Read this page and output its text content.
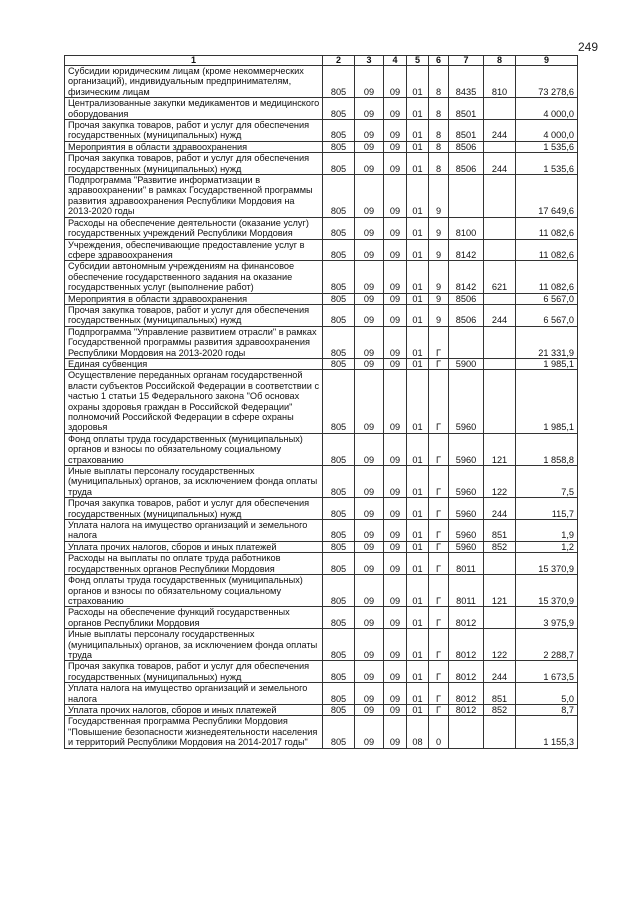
249
1	2	3	4	5	6	7	8	9
Субсидии юридическим лицам (кроме некоммерческих организаций), индивидуальным предпринимателям, физическим лицам	805	09	09	01	8	8435	810	73 278,6
Централизованные закупки медикаментов и медицинского оборудования	805	09	09	01	8	8501		4 000,0
Прочая закупка товаров, работ и услуг для обеспечения государственных (муниципальных) нужд	805	09	09	01	8	8501	244	4 000,0
Мероприятия в области здравоохранения	805	09	09	01	8	8506		1 535,6
Прочая закупка товаров, работ и услуг для обеспечения государственных (муниципальных) нужд	805	09	09	01	8	8506	244	1 535,6
Подпрограмма "Развитие информатизации в здравоохранении" в рамках Государственной программы развития здравоохранения Республики Мордовия на 2013-2020 годы	805	09	09	01	9			17 649,6
Расходы на обеспечение деятельности (оказание услуг) государственных учреждений Республики Мордовия	805	09	09	01	9	8100		11 082,6
Учреждения, обеспечивающие предоставление услуг в сфере здравоохранения	805	09	09	01	9	8142		11 082,6
Субсидии автономным учреждениям на финансовое обеспечение государственного задания на оказание государственных услуг (выполнение работ)	805	09	09	01	9	8142	621	11 082,6
Мероприятия в области здравоохранения	805	09	09	01	9	8506		6 567,0
Прочая закупка товаров, работ и услуг для обеспечения государственных (муниципальных) нужд	805	09	09	01	9	8506	244	6 567,0
Подпрограмма "Управление развитием отрасли" в рамках Государственной программы развития здравоохранения Республики Мордовия на 2013-2020 годы	805	09	09	01	Г			21 331,9
Единая субвенция	805	09	09	01	Г	5900		1 985,1
Осуществление переданных органам государственной власти субъектов Российской Федерации в соответствии с частью 1 статьи 15 Федерального закона "Об основах охраны здоровья граждан в Российской Федерации" полномочий Российской Федерации в сфере охраны здоровья	805	09	09	01	Г	5960		1 985,1
Фонд оплаты труда государственных (муниципальных) органов и взносы по обязательному социальному страхованию	805	09	09	01	Г	5960	121	1 858,8
Иные выплаты персоналу государственных (муниципальных) органов, за исключением фонда оплаты труда	805	09	09	01	Г	5960	122	7,5
Прочая закупка товаров, работ и услуг для обеспечения государственных (муниципальных) нужд	805	09	09	01	Г	5960	244	115,7
Уплата налога на имущество организаций и земельного налога	805	09	09	01	Г	5960	851	1,9
Уплата прочих налогов, сборов и иных платежей	805	09	09	01	Г	5960	852	1,2
Расходы на выплаты по оплате труда работников государственных органов Республики Мордовия	805	09	09	01	Г	8011		15 370,9
Фонд оплаты труда государственных (муниципальных) органов и взносы по обязательному социальному страхованию	805	09	09	01	Г	8011	121	15 370,9
Расходы на обеспечение функций государственных органов Республики Мордовия	805	09	09	01	Г	8012		3 975,9
Иные выплаты персоналу государственных (муниципальных) органов, за исключением фонда оплаты труда	805	09	09	01	Г	8012	122	2 288,7
Прочая закупка товаров, работ и услуг для обеспечения государственных (муниципальных) нужд	805	09	09	01	Г	8012	244	1 673,5
Уплата налога на имущество организаций и земельного налога	805	09	09	01	Г	8012	851	5,0
Уплата прочих налогов, сборов и иных платежей	805	09	09	01	Г	8012	852	8,7
Государственная программа Республики Мордовия "Повышение безопасности жизнедеятельности населения и территорий Республики Мордовия на 2014-2017 годы"	805	09	09	08	0			1 155,3
